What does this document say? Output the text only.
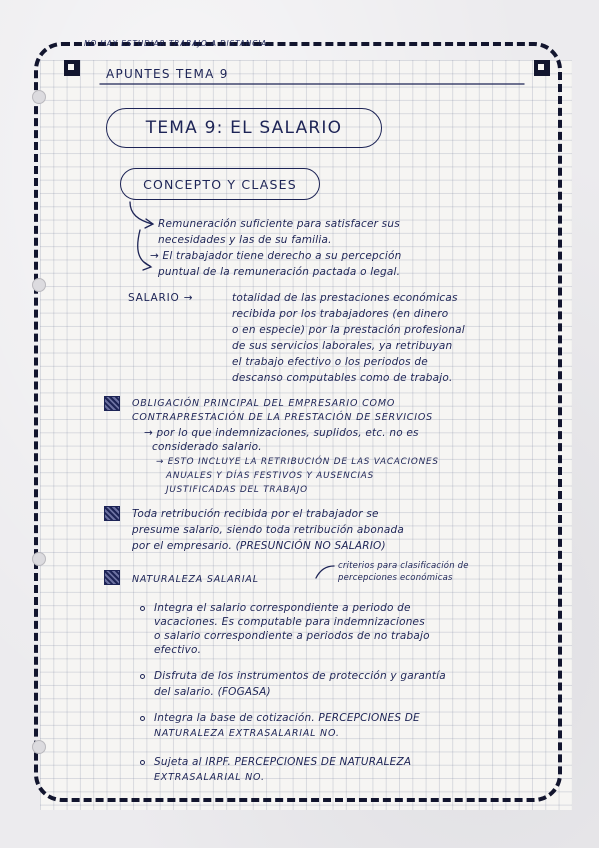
NO HAY ESTUDIAR TRABAJO A DISTANCIA.

APUNTES TEMA 9

TEMA 9: EL SALARIO
CONCEPTO Y CLASES

Remuneración suficiente para satisfacer sus

necesidades y las de su familia.

→ El trabajador tiene derecho a su percepción

puntual de la remuneración pactada o legal.

SALARIO →	totalidad de las prestaciones económicas

recibida por los trabajadores (en dinero

o en especie) por la prestación profesional

de sus servicios laborales, ya retribuyan

el trabajo efectivo o los periodos de

descanso computables como de trabajo.

OBLIGACIÓN PRINCIPAL DEL EMPRESARIO COMO

CONTRAPRESTACIÓN DE LA PRESTACIÓN DE SERVICIOS

→ por lo que indemnizaciones, suplidos, etc. no es

considerado salario.

→ ESTO INCLUYE LA RETRIBUCIÓN DE LAS VACACIONES

ANUALES Y DÍAS FESTIVOS Y AUSENCIAS

JUSTIFICADAS DEL TRABAJO

Toda retribución recibida por el trabajador se

presume salario, siendo toda retribución abonada

por el empresario. (PRESUNCIÓN NO SALARIO)

NATURALEZA SALARIAL

criterios para clasificación de

percepciones económicas

Integra el salario correspondiente a periodo de

vacaciones. Es computable para indemnizaciones

o salario correspondiente a periodos de no trabajo

efectivo.

Disfruta de los instrumentos de protección y garantía

del salario. (FOGASA)

Integra la base de cotización. PERCEPCIONES DE

NATURALEZA EXTRASALARIAL NO.

Sujeta al IRPF. PERCEPCIONES DE NATURALEZA

EXTRASALARIAL NO.
